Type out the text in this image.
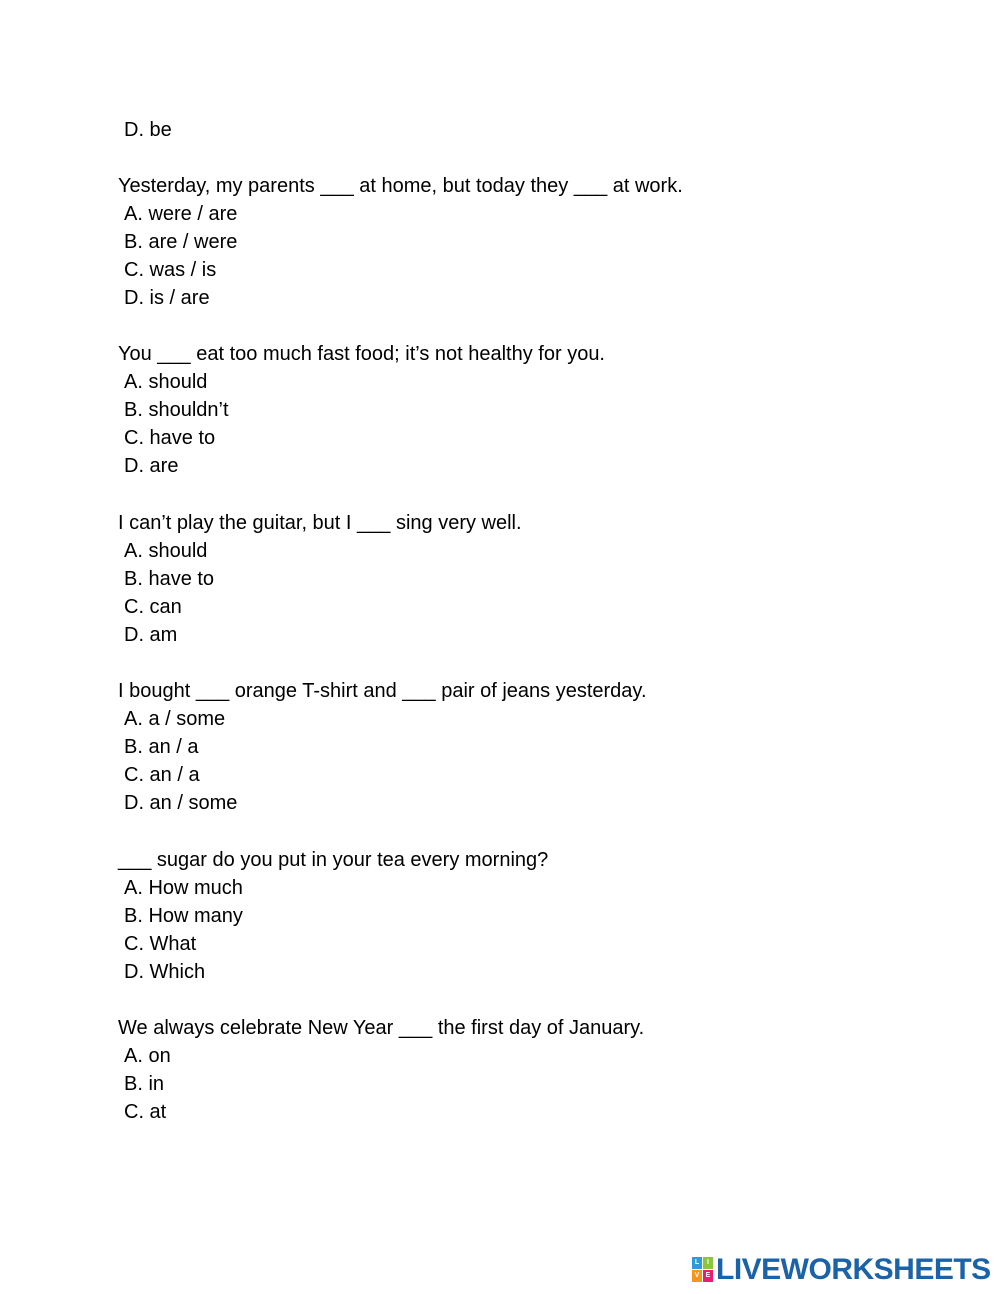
D. be
Yesterday, my parents ___ at home, but today they ___ at work.
A. were / are
B. are / were
C. was / is
D. is / are
You ___ eat too much fast food; it’s not healthy for you.
A. should
B. shouldn’t
C. have to
D. are
I can’t play the guitar, but I ___ sing very well.
A. should
B. have to
C. can
D. am
I bought ___ orange T-shirt and ___ pair of jeans yesterday.
A. a / some
B. an / a
C. an / a
D. an / some
___ sugar do you put in your tea every morning?
A. How much
B. How many
C. What
D. Which
We always celebrate New Year ___ the first day of January.
A. on
B. in
C. at
L	I
V E LIVEWORKSHEETS
